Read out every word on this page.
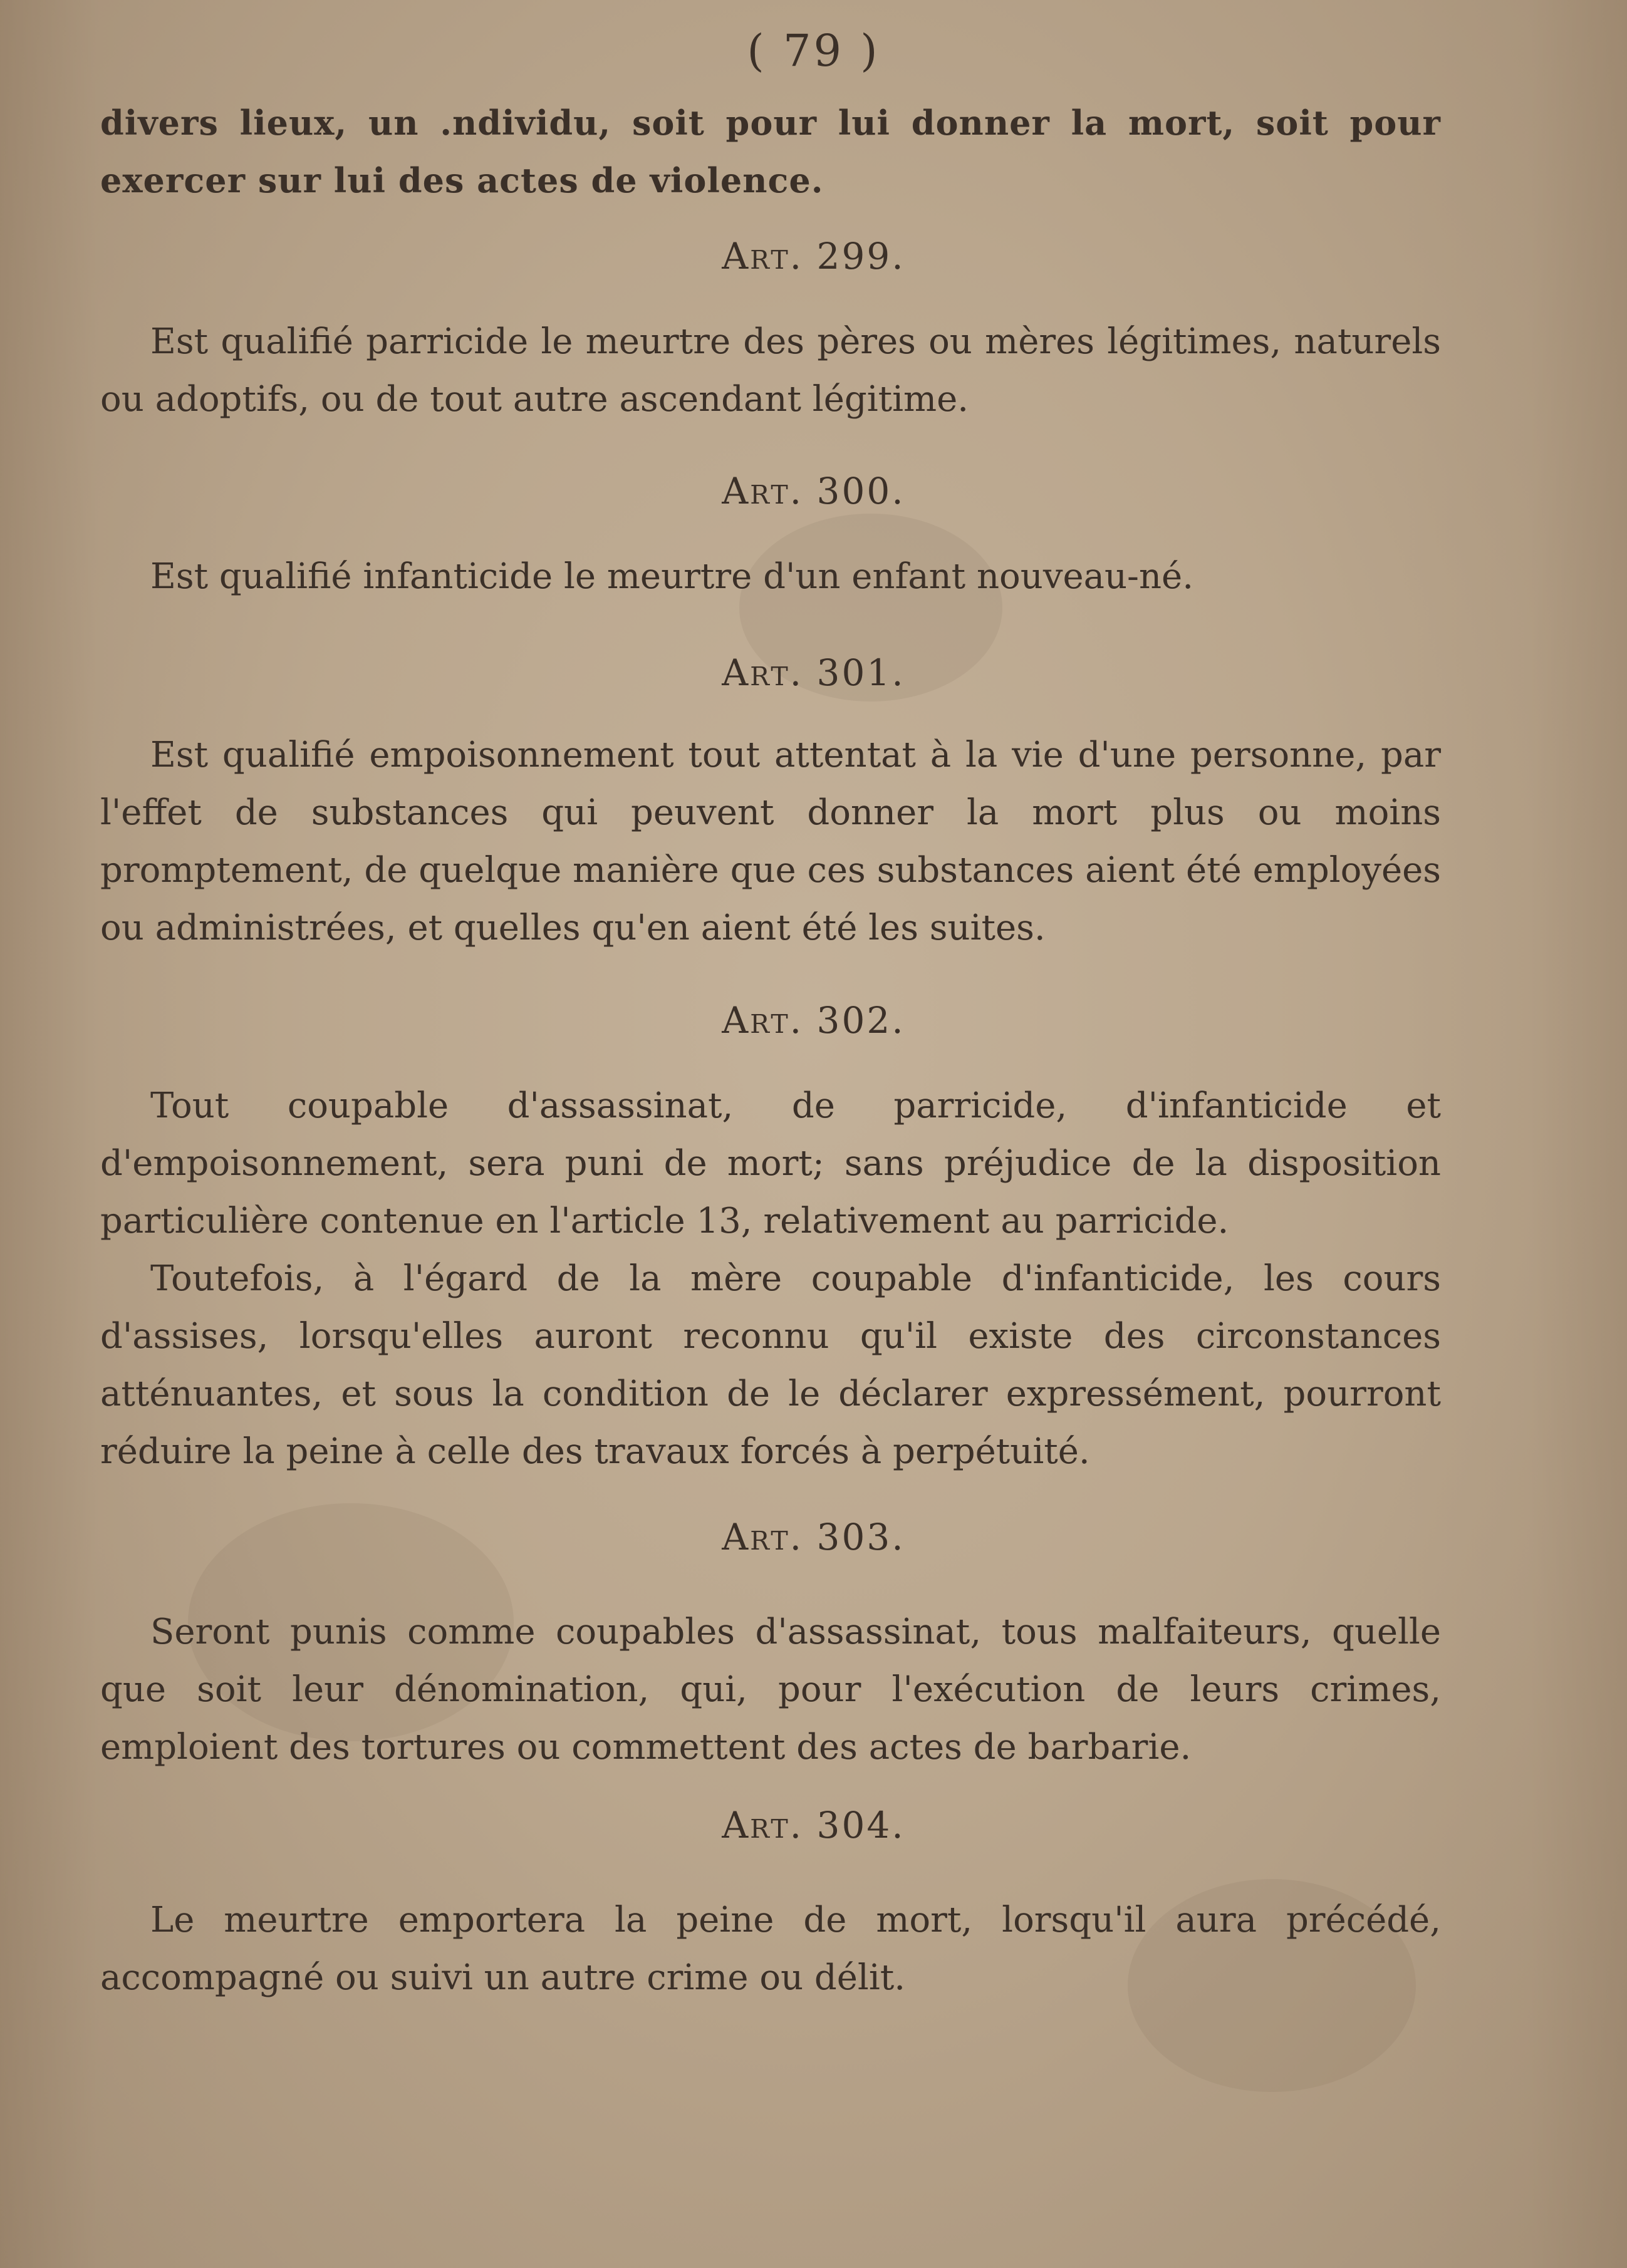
( 79 )

divers lieux, un .ndividu, soit pour lui donner la mort, soit pour exercer sur lui des actes de violence.

Art. 299.

Est qualifié parricide le meurtre des pères ou mères légitimes, naturels ou adoptifs, ou de tout autre ascendant légitime.

Art. 300.

Est qualifié infanticide le meurtre d'un enfant nouveau-né.

Art. 301.

Est qualifié empoisonnement tout attentat à la vie d'une personne, par l'effet de substances qui peuvent donner la mort plus ou moins promptement, de quelque manière que ces substances aient été employées ou administrées, et quelles qu'en aient été les suites.

Art. 302.

Tout coupable d'assassinat, de parricide, d'infanticide et d'empoisonnement, sera puni de mort; sans préjudice de la disposition particulière contenue en l'article 13, relativement au parricide.

Toutefois, à l'égard de la mère coupable d'infanticide, les cours d'assises, lorsqu'elles auront reconnu qu'il existe des circonstances atténuantes, et sous la condition de le déclarer expressément, pourront réduire la peine à celle des travaux forcés à perpétuité.

Art. 303.

Seront punis comme coupables d'assassinat, tous malfaiteurs, quelle que soit leur dénomination, qui, pour l'exécution de leurs crimes, emploient des tortures ou commettent des actes de barbarie.

Art. 304.

Le meurtre emportera la peine de mort, lorsqu'il aura précédé, accompagné ou suivi un autre crime ou délit.
